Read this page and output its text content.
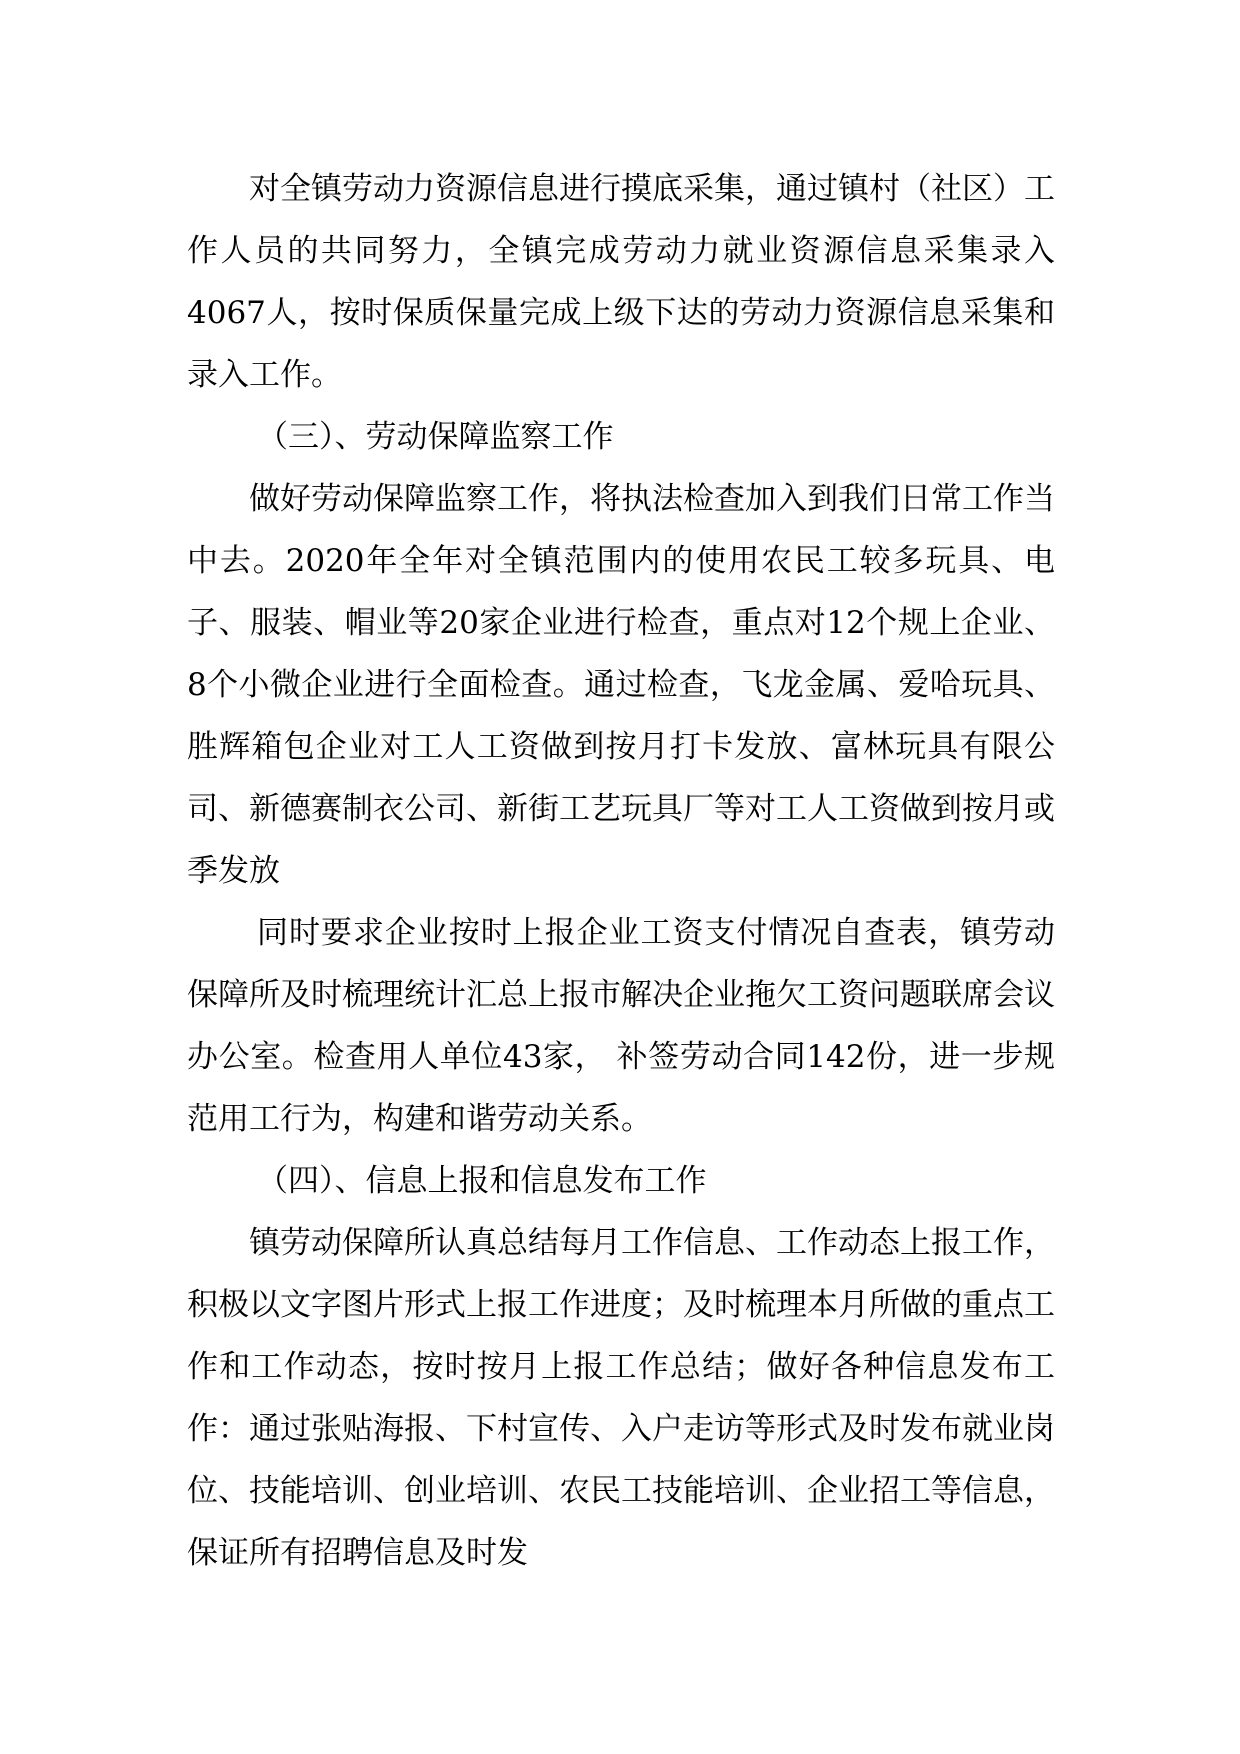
对全镇劳动力资源信息进行摸底采集，通过镇村（社区）工作人员的共同努力，全镇完成劳动力就业资源信息采集录入4067人，按时保质保量完成上级下达的劳动力资源信息采集和录入工作。

（三）、劳动保障监察工作

做好劳动保障监察工作，将执法检查加入到我们日常工作当中去。2020年全年对全镇范围内的使用农民工较多玩具、电子、服装、帽业等20家企业进行检查，重点对12个规上企业、8个小微企业进行全面检查。通过检查，飞龙金属、爱哈玩具、胜辉箱包企业对工人工资做到按月打卡发放、富林玩具有限公司、新德赛制衣公司、新街工艺玩具厂等对工人工资做到按月或季发放

同时要求企业按时上报企业工资支付情况自查表，镇劳动保障所及时梳理统计汇总上报市解决企业拖欠工资问题联席会议办公室。检查用人单位43家， 补签劳动合同142份，进一步规范用工行为，构建和谐劳动关系。

（四）、信息上报和信息发布工作

镇劳动保障所认真总结每月工作信息、工作动态上报工作，积极以文字图片形式上报工作进度；及时梳理本月所做的重点工作和工作动态，按时按月上报工作总结；做好各种信息发布工作：通过张贴海报、下村宣传、入户走访等形式及时发布就业岗位、技能培训、创业培训、农民工技能培训、企业招工等信息，保证所有招聘信息及时发
